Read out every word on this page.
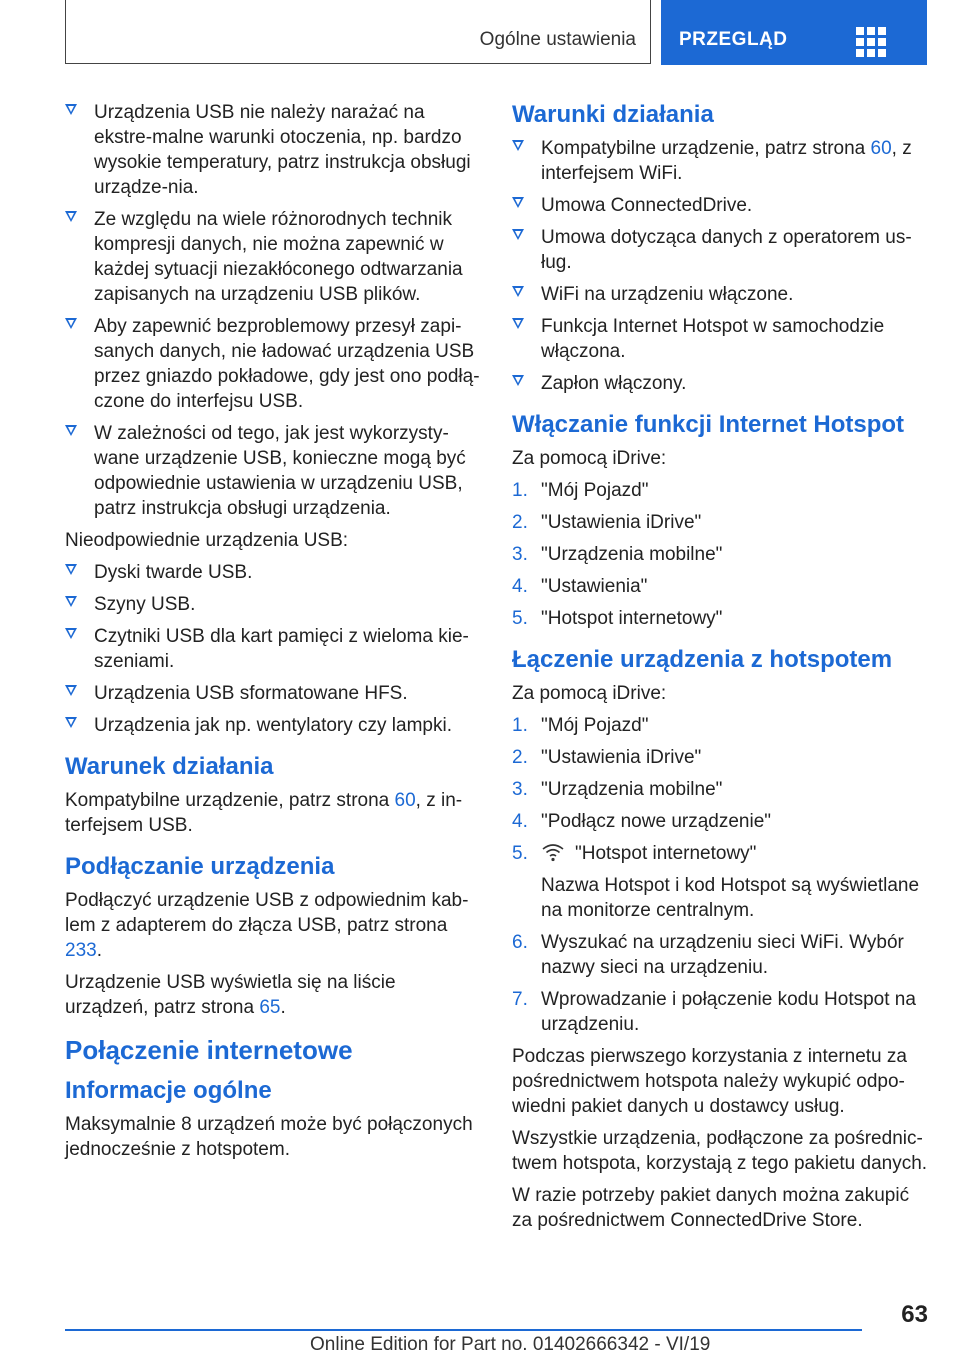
Ogólne ustawienia PRZEGLĄD
Urządzenia USB nie należy narażać na ekstre-malne warunki otoczenia, np. bardzo wysokie temperatury, patrz instrukcja obsługi urządze-nia.
Ze względu na wiele różnorodnych technik kompresji danych, nie można zapewnić w każdej sytuacji niezakłóconego odtwarzania zapisanych na urządzeniu USB plików.
Aby zapewnić bezproblemowy przesył zapi-sanych danych, nie ładować urządzenia USB przez gniazdo pokładowe, gdy jest ono podłą-czone do interfejsu USB.
W zależności od tego, jak jest wykorzysty-wane urządzenie USB, konieczne mogą być odpowiednie ustawienia w urządzeniu USB, patrz instrukcja obsługi urządzenia.

Nieodpowiednie urządzenia USB:

Dyski twarde USB.
Szyny USB.
Czytniki USB dla kart pamięci z wieloma kie-szeniami.
Urządzenia USB sformatowane HFS.
Urządzenia jak np. wentylatory czy lampki.
Warunek działania

Kompatybilne urządzenie, patrz strona 60, z in-terfejsem USB.

Podłączanie urządzenia

Podłączyć urządzenie USB z odpowiednim kab-lem z adapterem do złącza USB, patrz strona 233.

Urządzenie USB wyświetla się na liście urządzeń, patrz strona 65.

Połączenie internetowe
Informacje ogólne

Maksymalnie 8 urządzeń może być połączonych jednocześnie z hotspotem.

Warunki działania
Kompatybilne urządzenie, patrz strona 60, z interfejsem WiFi.
Umowa ConnectedDrive.
Umowa dotycząca danych z operatorem us-ług.
WiFi na urządzeniu włączone.
Funkcja Internet Hotspot w samochodzie włączona.
Zapłon włączony.
Włączanie funkcji Internet Hotspot

Za pomocą iDrive:

1. "Mój Pojazd"
2. "Ustawienia iDrive"
3. "Urządzenia mobilne"
4. "Ustawienia"
5. "Hotspot internetowy"
Łączenie urządzenia z hotspotem

Za pomocą iDrive:

1. "Mój Pojazd"
2. "Ustawienia iDrive"
3. "Urządzenia mobilne"
4. "Podłącz nowe urządzenie"
5. "Hotspot internetowy"
Nazwa Hotspot i kod Hotspot są wyświetlane na monitorze centralnym.
6. Wyszukać na urządzeniu sieci WiFi. Wybór nazwy sieci na urządzeniu.
7. Wprowadzanie i połączenie kodu Hotspot na urządzeniu.

Podczas pierwszego korzystania z internetu za pośrednictwem hotspota należy wykupić odpo-wiedni pakiet danych u dostawcy usług.

Wszystkie urządzenia, podłączone za pośrednic-twem hotspota, korzystają z tego pakietu danych.

W razie potrzeby pakiet danych można zakupić za pośrednictwem ConnectedDrive Store.

63
Online Edition for Part no. 01402666342 - VI/19
